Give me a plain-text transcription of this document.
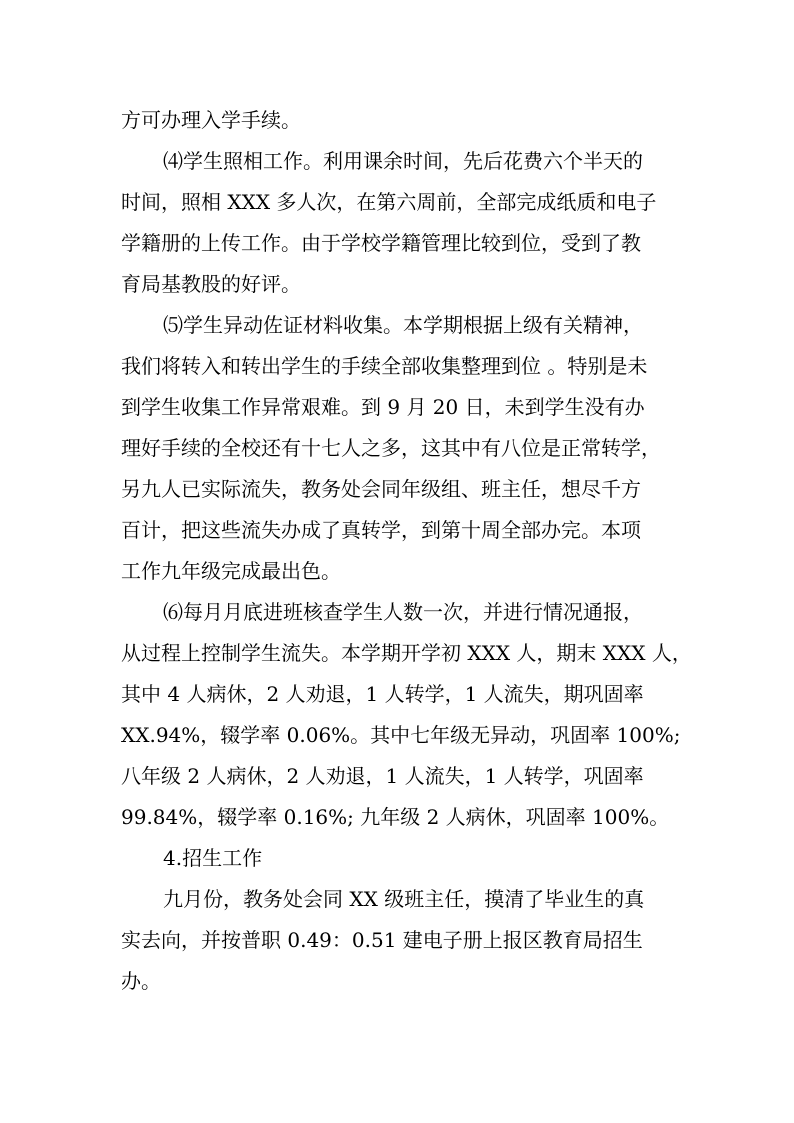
方可办理入学手续。
⑷学生照相工作。利用课余时间，先后花费六个半天的
时间，照相 XXX 多人次，在第六周前，全部完成纸质和电子
学籍册的上传工作。由于学校学籍管理比较到位，受到了教
育局基教股的好评。
⑸学生异动佐证材料收集。本学期根据上级有关精神，
我们将转入和转出学生的手续全部收集整理到位 。特别是未
到学生收集工作异常艰难。到 9 月 20 日，未到学生没有办
理好手续的全校还有十七人之多，这其中有八位是正常转学，
另九人已实际流失，教务处会同年级组、班主任，想尽千方
百计，把这些流失办成了真转学，到第十周全部办完。本项
工作九年级完成最出色。
⑹每月月底进班核查学生人数一次，并进行情况通报，
从过程上控制学生流失。本学期开学初 XXX 人，期末 XXX 人，
其中 4 人病休，2 人劝退，1 人转学，1 人流失，期巩固率
XX.94%，辍学率 0.06%。其中七年级无异动，巩固率 100%;
八年级 2 人病休，2 人劝退，1 人流失，1 人转学，巩固率
99.84%，辍学率 0.16%; 九年级 2 人病休，巩固率 100%。
4.招生工作
九月份，教务处会同 XX 级班主任，摸清了毕业生的真
实去向，并按普职 0.49：0.51 建电子册上报区教育局招生
办。
